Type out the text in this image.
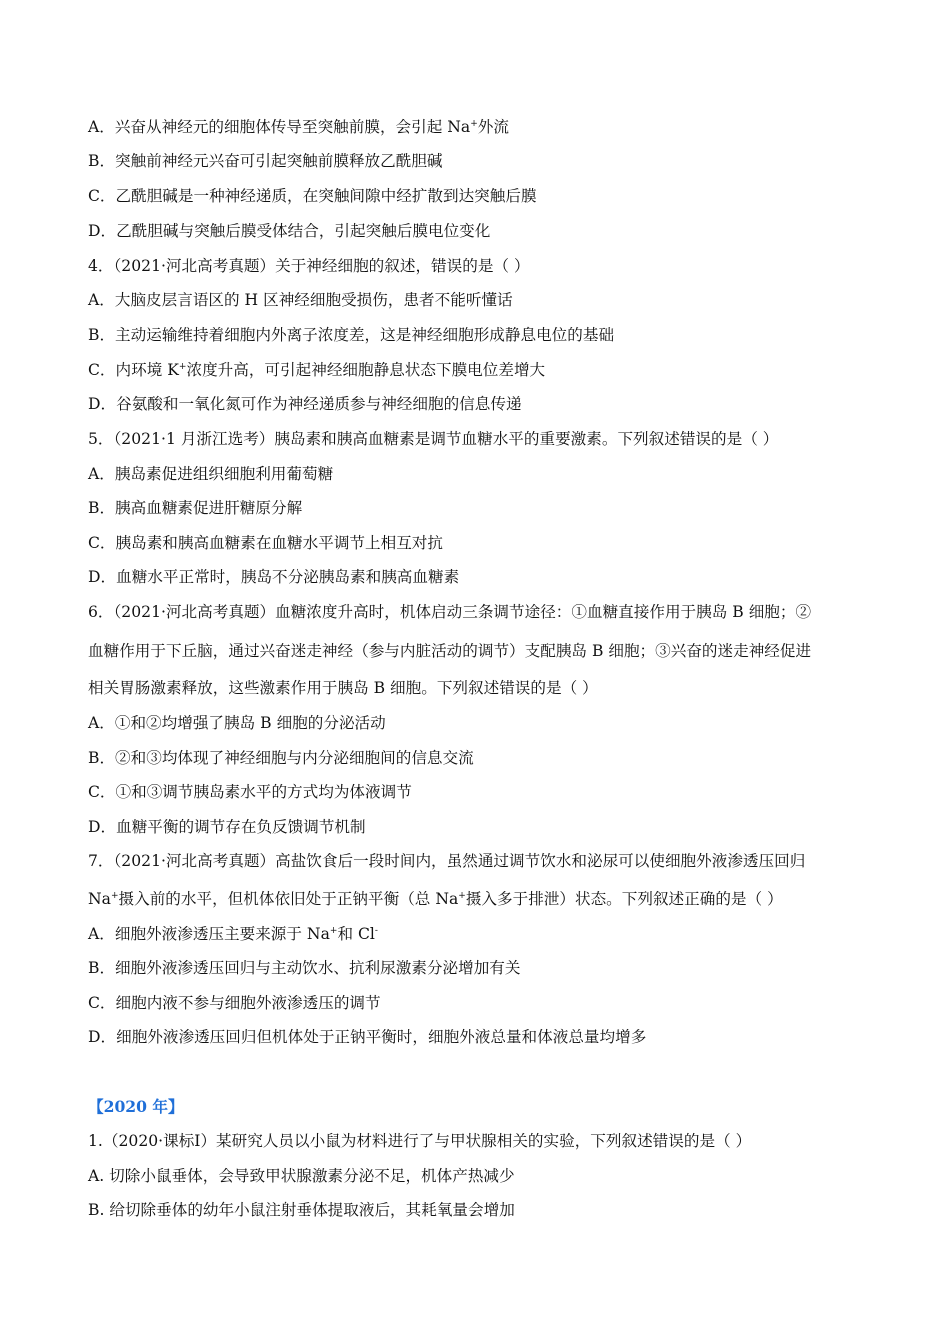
A．兴奋从神经元的细胞体传导至突触前膜，会引起 Na+外流
B．突触前神经元兴奋可引起突触前膜释放乙酰胆碱
C．乙酰胆碱是一种神经递质，在突触间隙中经扩散到达突触后膜
D．乙酰胆碱与突触后膜受体结合，引起突触后膜电位变化
4．（2021·河北高考真题）关于神经细胞的叙述，错误的是（ ）
A．大脑皮层言语区的 H 区神经细胞受损伤，患者不能听懂话
B．主动运输维持着细胞内外离子浓度差，这是神经细胞形成静息电位的基础
C．内环境 K+浓度升高，可引起神经细胞静息状态下膜电位差增大
D．谷氨酸和一氧化氮可作为神经递质参与神经细胞的信息传递
5．（2021·1 月浙江选考）胰岛素和胰高血糖素是调节血糖水平的重要激素。下列叙述错误的是（ ）
A．胰岛素促进组织细胞利用葡萄糖
B．胰高血糖素促进肝糖原分解
C．胰岛素和胰高血糖素在血糖水平调节上相互对抗
D．血糖水平正常时，胰岛不分泌胰岛素和胰高血糖素
6．（2021·河北高考真题）血糖浓度升高时，机体启动三条调节途径：①血糖直接作用于胰岛 B 细胞；②
血糖作用于下丘脑，通过兴奋迷走神经（参与内脏活动的调节）支配胰岛 B 细胞；③兴奋的迷走神经促进
相关胃肠激素释放，这些激素作用于胰岛 B 细胞。下列叙述错误的是（ ）
A．①和②均增强了胰岛 B 细胞的分泌活动
B．②和③均体现了神经细胞与内分泌细胞间的信息交流
C．①和③调节胰岛素水平的方式均为体液调节
D．血糖平衡的调节存在负反馈调节机制
7．（2021·河北高考真题）高盐饮食后一段时间内，虽然通过调节饮水和泌尿可以使细胞外液渗透压回归
Na+摄入前的水平，但机体依旧处于正钠平衡（总 Na+摄入多于排泄）状态。下列叙述正确的是（ ）
A．细胞外液渗透压主要来源于 Na+和 Cl-
B．细胞外液渗透压回归与主动饮水、抗利尿激素分泌增加有关
C．细胞内液不参与细胞外液渗透压的调节
D．细胞外液渗透压回归但机体处于正钠平衡时，细胞外液总量和体液总量均增多
【2020 年】
1.（2020·课标Ⅰ）某研究人员以小鼠为材料进行了与甲状腺相关的实验，下列叙述错误的是（ ）
A. 切除小鼠垂体，会导致甲状腺激素分泌不足，机体产热减少
B. 给切除垂体的幼年小鼠注射垂体提取液后，其耗氧量会增加
